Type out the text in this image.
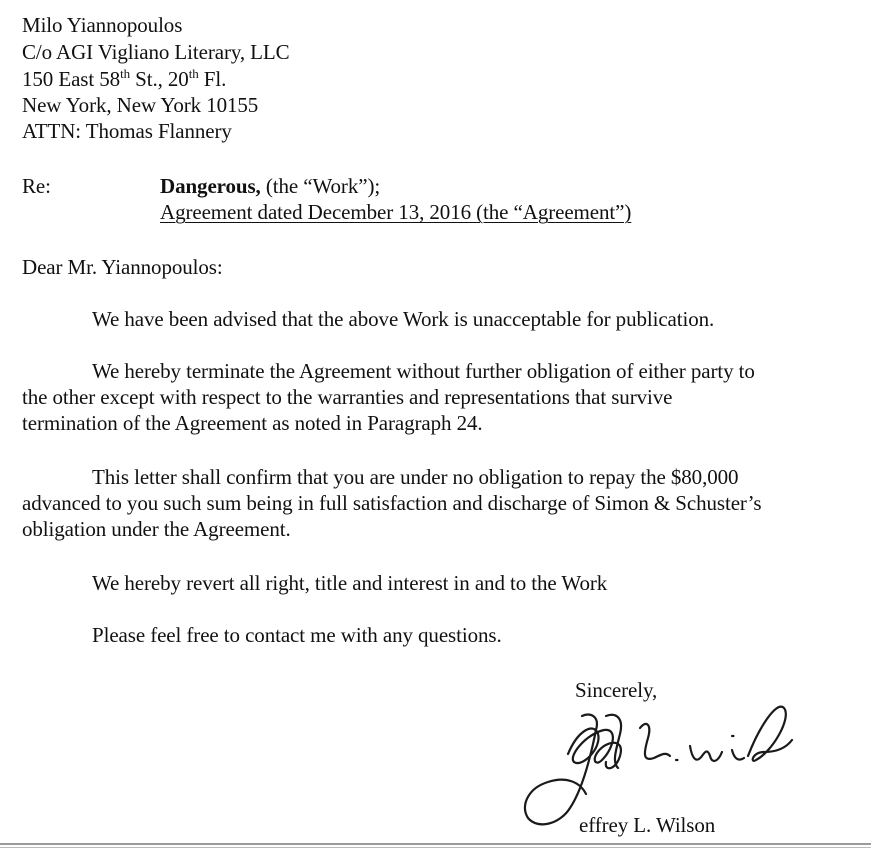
Milo Yiannopoulos
C/o AGI Vigliano Literary, LLC
150 East 58th St., 20th Fl.
New York, New York 10155
ATTN: Thomas Flannery
Re:	Dangerous, (the “Work”);
Agreement dated December 13, 2016 (the “Agreement”)
Dear Mr. Yiannopoulos:
We have been advised that the above Work is unacceptable for publication.
We hereby terminate the Agreement without further obligation of either party to
the other except with respect to the warranties and representations that survive
termination of the Agreement as noted in Paragraph 24.
This letter shall confirm that you are under no obligation to repay the $80,000
advanced to you such sum being in full satisfaction and discharge of Simon & Schuster’s
obligation under the Agreement.
We hereby revert all right, title and interest in and to the Work
Please feel free to contact me with any questions.
Sincerely,
effrey L. Wilson
